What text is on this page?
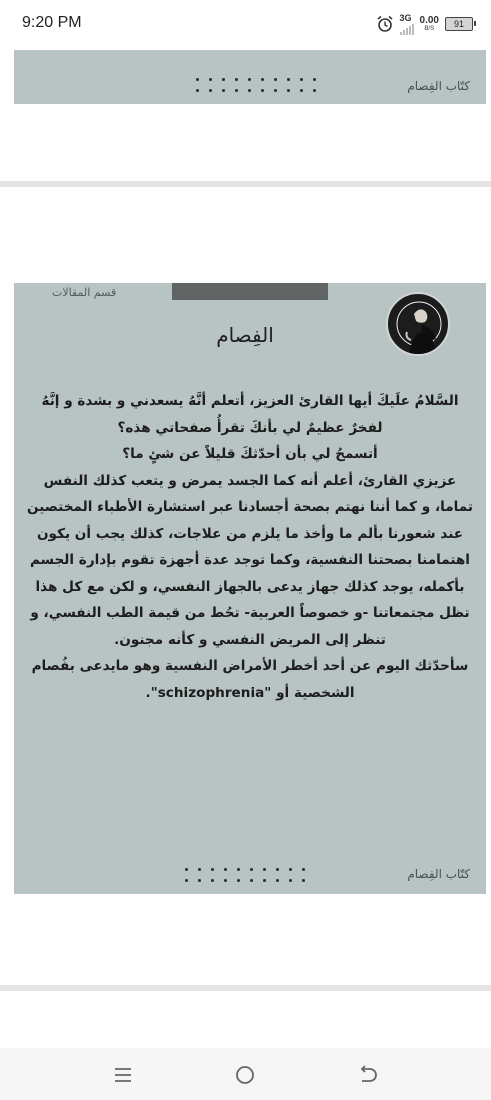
9:20 PM	3G 0.00
B/S 91
كتّاب الفِصام
قسم المقالات
الفِصام

السَّلامُ علَيكَ أيها القارئ العزيز، أتعلم أنَّهُ يسعدني و بشدة و إنَّهُ لفخرٌ عظيمٌ لي بأنكَ تقرأُ صفحاتي هذه؟

أتسمحُ لي بأن أحدّثكَ قليلاً عن شئٍ ما؟

عزيزي القارئ، أعلم أنه كما الجسد يمرض و يتعب كذلك النفس تماما، و كما أننا نهتم بصحة أجسادنا عبر استشارة الأطباء المختصين عند شعورنا بألم ما وأخذ ما يلزم من علاجات، كذلك يجب أن يكون اهتمامنا بصحتنا النفسية، وكما توجد عدة أجهزة تقوم بإدارة الجسم بأكمله، يوجد كذلك جهاز يدعى بالجهاز النفسي، و لكن مع كل هذا تظل مجتمعاتنا -و خصوصاً العربية- تحُط من قيمة الطب النفسي، و تنظر إلى المريض النفسي و كأنه مجنون.

سأحدّثك اليوم عن أحد أخطر الأمراض النفسية وهو مايدعى بفُصام الشخصية أو "schizophrenia".

كتّاب الفِصام
